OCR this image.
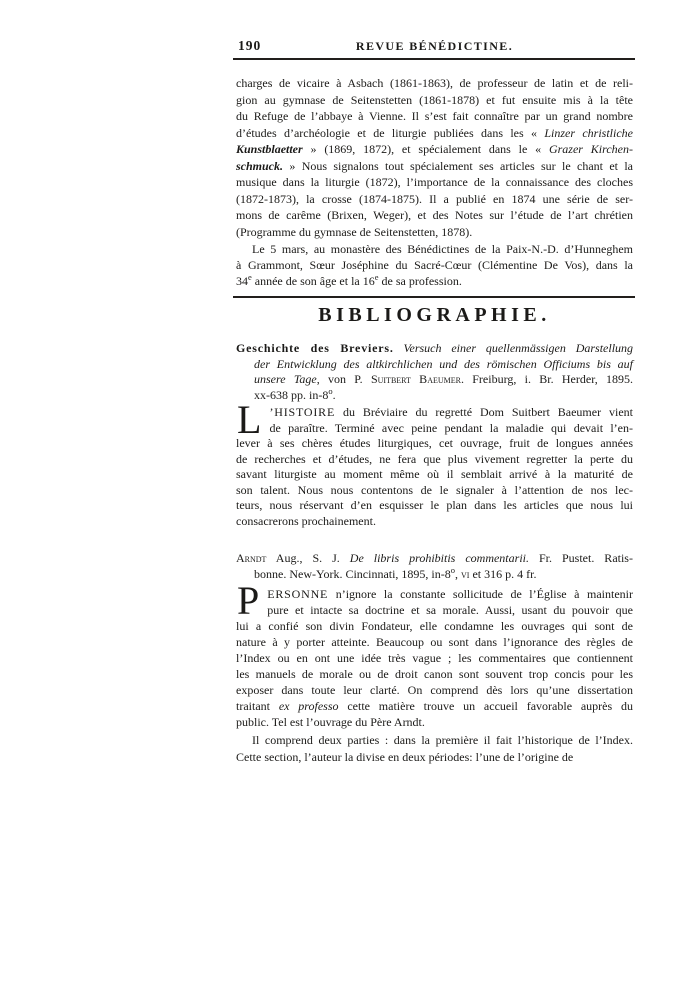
190	REVUE BÉNÉDICTINE.
charges de vicaire à Asbach (1861-1863), de professeur de latin et de reli-
gion au gymnase de Seitenstetten (1861-1878) et fut ensuite mis à la tête
du Refuge de l’abbaye à Vienne. Il s’est fait connaître par un grand nombre
d’études d’archéologie et de liturgie publiées dans les « Linzer christliche
Kunstblaetter » (1869, 1872), et spécialement dans le « Grazer Kirchen-
schmuck. » Nous signalons tout spécialement ses articles sur le chant et la
musique dans la liturgie (1872), l’importance de la connaissance des cloches
(1872-1873), la crosse (1874-1875). Il a publié en 1874 une série de ser-
mons de carême (Brixen, Weger), et des Notes sur l’étude de l’art chrétien
(Programme du gymnase de Seitenstetten, 1878).
Le 5 mars, au monastère des Bénédictines de la Paix-N.-D. d’Hunneghem
à Grammont, Sœur Joséphine du Sacré-Cœur (Clémentine De Vos), dans la
34e année de son âge et la 16e de sa profession.
BIBLIOGRAPHIE.
Geschichte des Breviers. Versuch einer quellenmässigen Darstellung
der Entwicklung des altkirchlichen und des römischen Officiums bis auf
unsere Tage, von P. Suitbert Baeumer. Freiburg, i. Br. Herder, 1895.
xx-638 pp. in-8$^o$.
L ’HISTOIRE du Bréviaire du regretté Dom Suitbert Baeumer vient
de paraître. Terminé avec peine pendant la maladie qui devait l’en-
lever à ses chères études liturgiques, cet ouvrage, fruit de longues années
de recherches et d’études, ne fera que plus vivement regretter la perte du
savant liturgiste au moment même où il semblait arrivé à la maturité de
son talent. Nous nous contentons de le signaler à l’attention de nos lec-
teurs, nous réservant d’en esquisser le plan dans les articles que nous lui
consacrerons prochainement.
Arndt Aug., S. J. De libris prohibitis commentarii. Fr. Pustet. Ratis-
bonne. New-York. Cincinnati, 1895, in-8$^o$, vi et 316 p. 4 fr.
P ERSONNE n’ignore la constante sollicitude de l’Église à maintenir
pure et intacte sa doctrine et sa morale. Aussi, usant du pouvoir que
lui a confié son divin Fondateur, elle condamne les ouvrages qui sont de
nature à y porter atteinte. Beaucoup ou sont dans l’ignorance des règles de
l’Index ou en ont une idée très vague ; les commentaires que contiennent
les manuels de morale ou de droit canon sont souvent trop concis pour les
exposer dans toute leur clarté. On comprend dès lors qu’une dissertation
traitant ex professo cette matière trouve un accueil favorable auprès du
public. Tel est l’ouvrage du Père Arndt.
Il comprend deux parties : dans la première il fait l’historique de l’Index.
Cette section, l’auteur la divise en deux périodes: l’une de l’origine de
